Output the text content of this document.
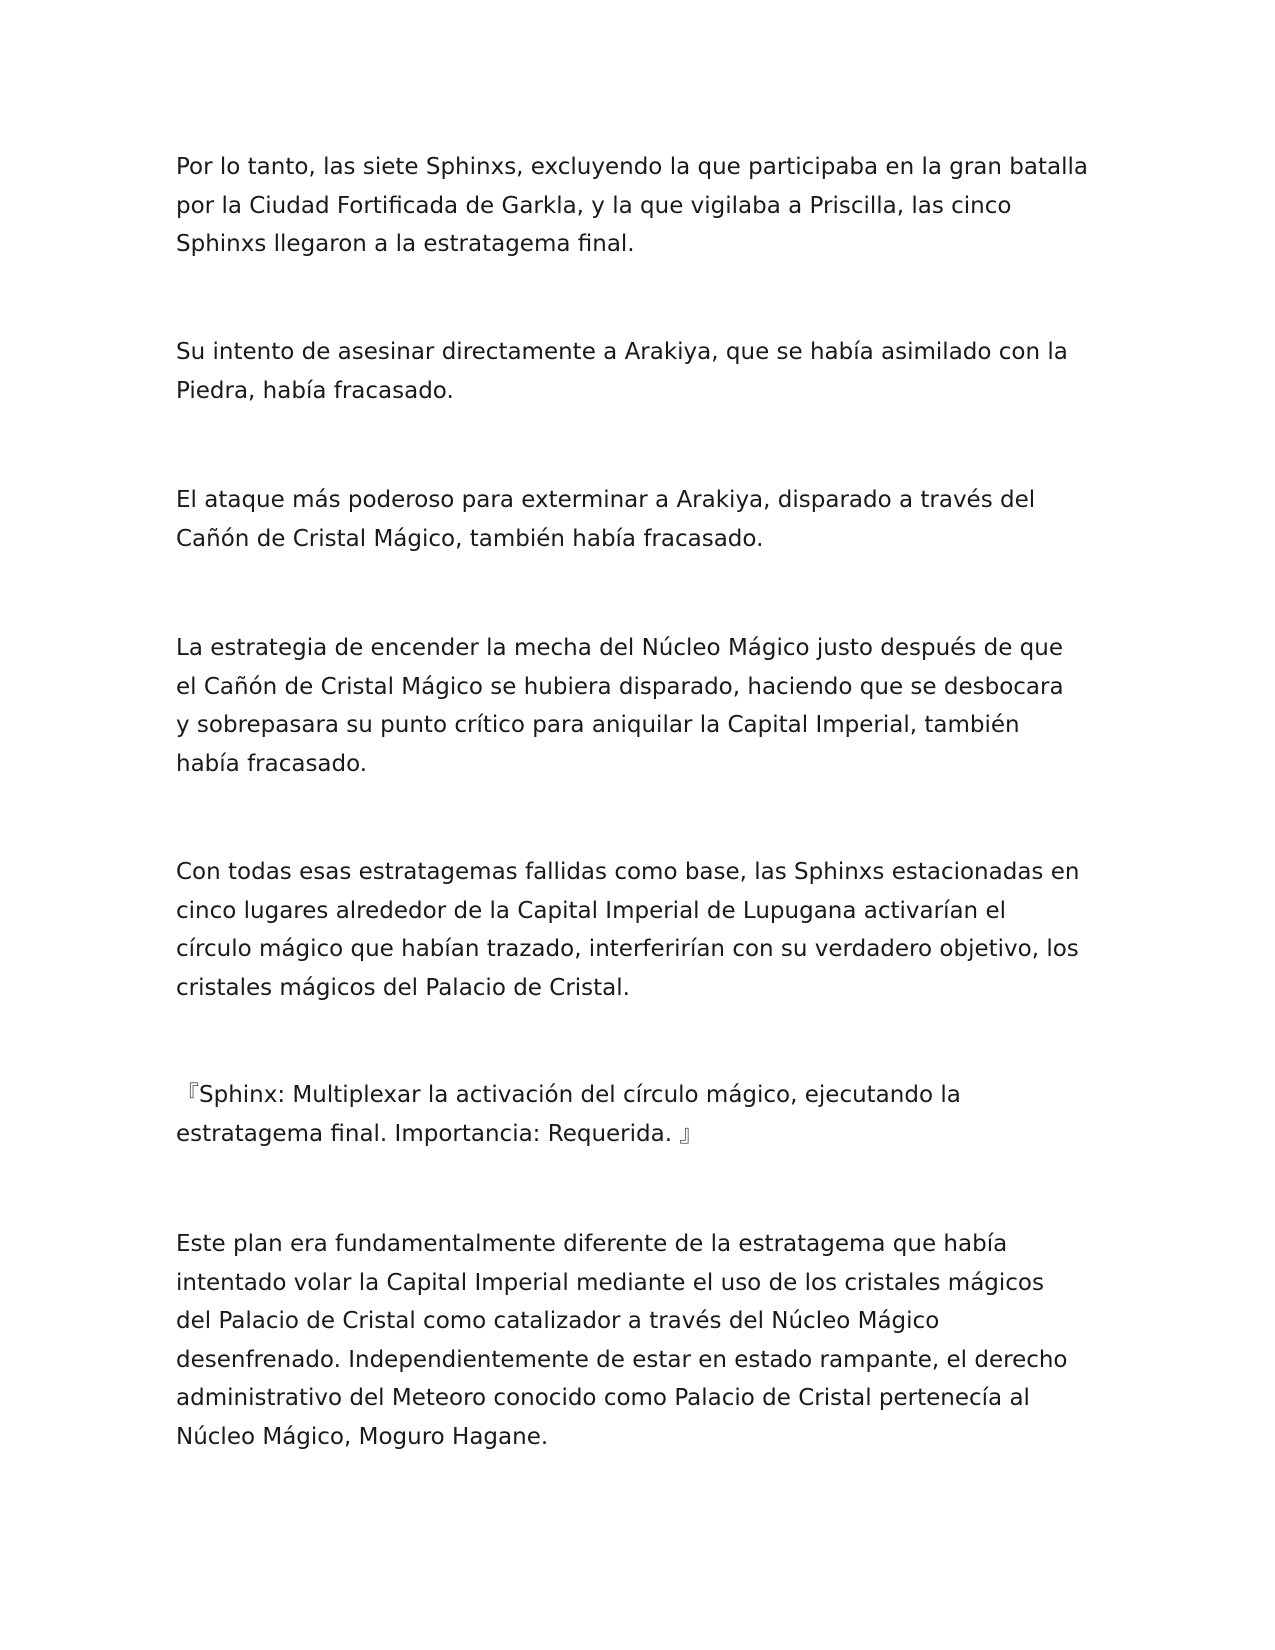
Por lo tanto, las siete Sphinxs, excluyendo la que participaba en la gran batalla
por la Ciudad Fortificada de Garkla, y la que vigilaba a Priscilla, las cinco
Sphinxs llegaron a la estratagema final.

Su intento de asesinar directamente a Arakiya, que se había asimilado con la
Piedra, había fracasado.

El ataque más poderoso para exterminar a Arakiya, disparado a través del
Cañón de Cristal Mágico, también había fracasado.

La estrategia de encender la mecha del Núcleo Mágico justo después de que
el Cañón de Cristal Mágico se hubiera disparado, haciendo que se desbocara
y sobrepasara su punto crítico para aniquilar la Capital Imperial, también
había fracasado.

Con todas esas estratagemas fallidas como base, las Sphinxs estacionadas en
cinco lugares alrededor de la Capital Imperial de Lupugana activarían el
círculo mágico que habían trazado, interferirían con su verdadero objetivo, los
cristales mágicos del Palacio de Cristal.

『Sphinx: Multiplexar la activación del círculo mágico, ejecutando la
estratagema final. Importancia: Requerida. 』

Este plan era fundamentalmente diferente de la estratagema que había
intentado volar la Capital Imperial mediante el uso de los cristales mágicos
del Palacio de Cristal como catalizador a través del Núcleo Mágico
desenfrenado. Independientemente de estar en estado rampante, el derecho
administrativo del Meteoro conocido como Palacio de Cristal pertenecía al
Núcleo Mágico, Moguro Hagane.
